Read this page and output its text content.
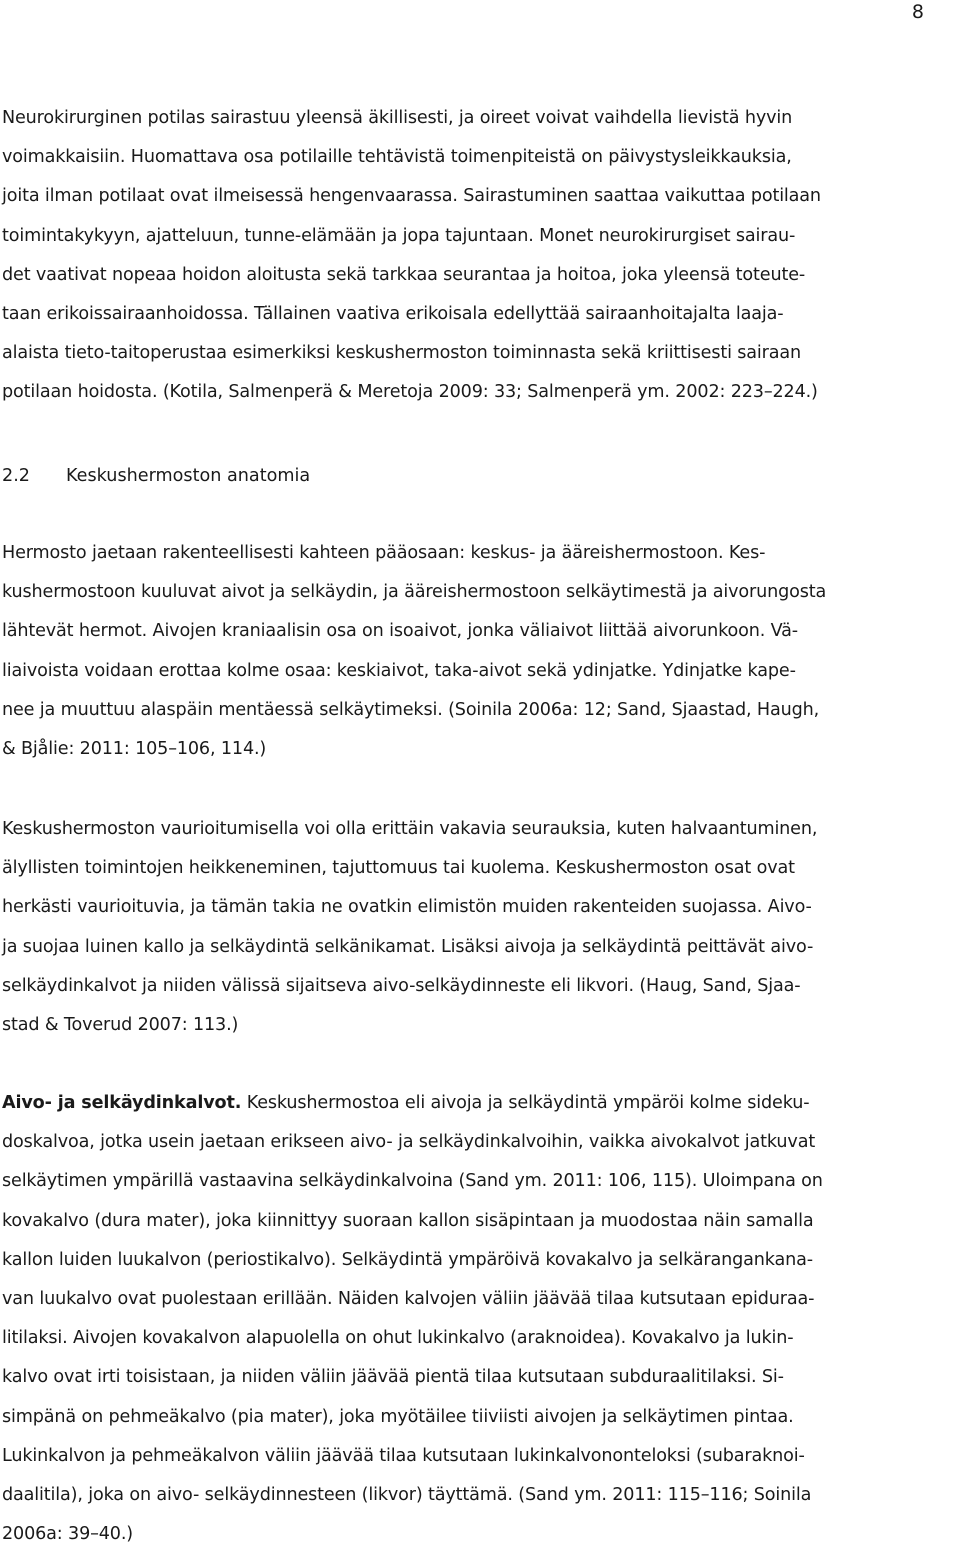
8

Neurokirurginen potilas sairastuu yleensä äkillisesti, ja oireet voivat vaihdella lievistä hyvin
voimakkaisiin. Huomattava osa potilaille tehtävistä toimenpiteistä on päivystysleikkauksia,
joita ilman potilaat ovat ilmeisessä hengenvaarassa. Sairastuminen saattaa vaikuttaa potilaan
toimintakykyyn, ajatteluun, tunne-elämään ja jopa tajuntaan. Monet neurokirurgiset sairau-
det vaativat nopeaa hoidon aloitusta sekä tarkkaa seurantaa ja hoitoa, joka yleensä toteute-
taan erikoissairaanhoidossa. Tällainen vaativa erikoisala edellyttää sairaanhoitajalta laaja-
alaista tieto-taitoperustaa esimerkiksi keskushermoston toiminnasta sekä kriittisesti sairaan
potilaan hoidosta. (Kotila, Salmenperä & Meretoja 2009: 33; Salmenperä ym. 2002: 223–224.)

2.2 Keskushermoston anatomia

Hermosto jaetaan rakenteellisesti kahteen pääosaan: keskus- ja ääreishermostoon. Kes-
kushermostoon kuuluvat aivot ja selkäydin, ja ääreishermostoon selkäytimestä ja aivorungosta
lähtevät hermot. Aivojen kraniaalisin osa on isoaivot, jonka väliaivot liittää aivorunkoon. Vä-
liaivoista voidaan erottaa kolme osaa: keskiaivot, taka-aivot sekä ydinjatke. Ydinjatke kape-
nee ja muuttuu alaspäin mentäessä selkäytimeksi. (Soinila 2006a: 12; Sand, Sjaastad, Haugh,
& Bjålie: 2011: 105–106, 114.)

Keskushermoston vaurioitumisella voi olla erittäin vakavia seurauksia, kuten halvaantuminen,
älyllisten toimintojen heikkeneminen, tajuttomuus tai kuolema. Keskushermoston osat ovat
herkästi vaurioituvia, ja tämän takia ne ovatkin elimistön muiden rakenteiden suojassa. Aivo-
ja suojaa luinen kallo ja selkäydintä selkänikamat. Lisäksi aivoja ja selkäydintä peittävät aivo-
selkäydinkalvot ja niiden välissä sijaitseva aivo-selkäydinneste eli likvori. (Haug, Sand, Sjaa-
stad & Toverud 2007: 113.)

Aivo- ja selkäydinkalvot. Keskushermostoa eli aivoja ja selkäydintä ympäröi kolme sideku-
doskalvoa, jotka usein jaetaan erikseen aivo- ja selkäydinkalvoihin, vaikka aivokalvot jatkuvat
selkäytimen ympärillä vastaavina selkäydinkalvoina (Sand ym. 2011: 106, 115). Uloimpana on
kovakalvo (dura mater), joka kiinnittyy suoraan kallon sisäpintaan ja muodostaa näin samalla
kallon luiden luukalvon (periostikalvo). Selkäydintä ympäröivä kovakalvo ja selkärangankana-
van luukalvo ovat puolestaan erillään. Näiden kalvojen väliin jäävää tilaa kutsutaan epiduraa-
litilaksi. Aivojen kovakalvon alapuolella on ohut lukinkalvo (araknoidea). Kovakalvo ja lukin-
kalvo ovat irti toisistaan, ja niiden väliin jäävää pientä tilaa kutsutaan subduraalitilaksi. Si-
simpänä on pehmeäkalvo (pia mater), joka myötäilee tiiviisti aivojen ja selkäytimen pintaa.
Lukinkalvon ja pehmeäkalvon väliin jäävää tilaa kutsutaan lukinkalvononteloksi (subaraknoi-
daalitila), joka on aivo- selkäydinnesteen (likvor) täyttämä. (Sand ym. 2011: 115–116; Soinila
2006a: 39–40.)
